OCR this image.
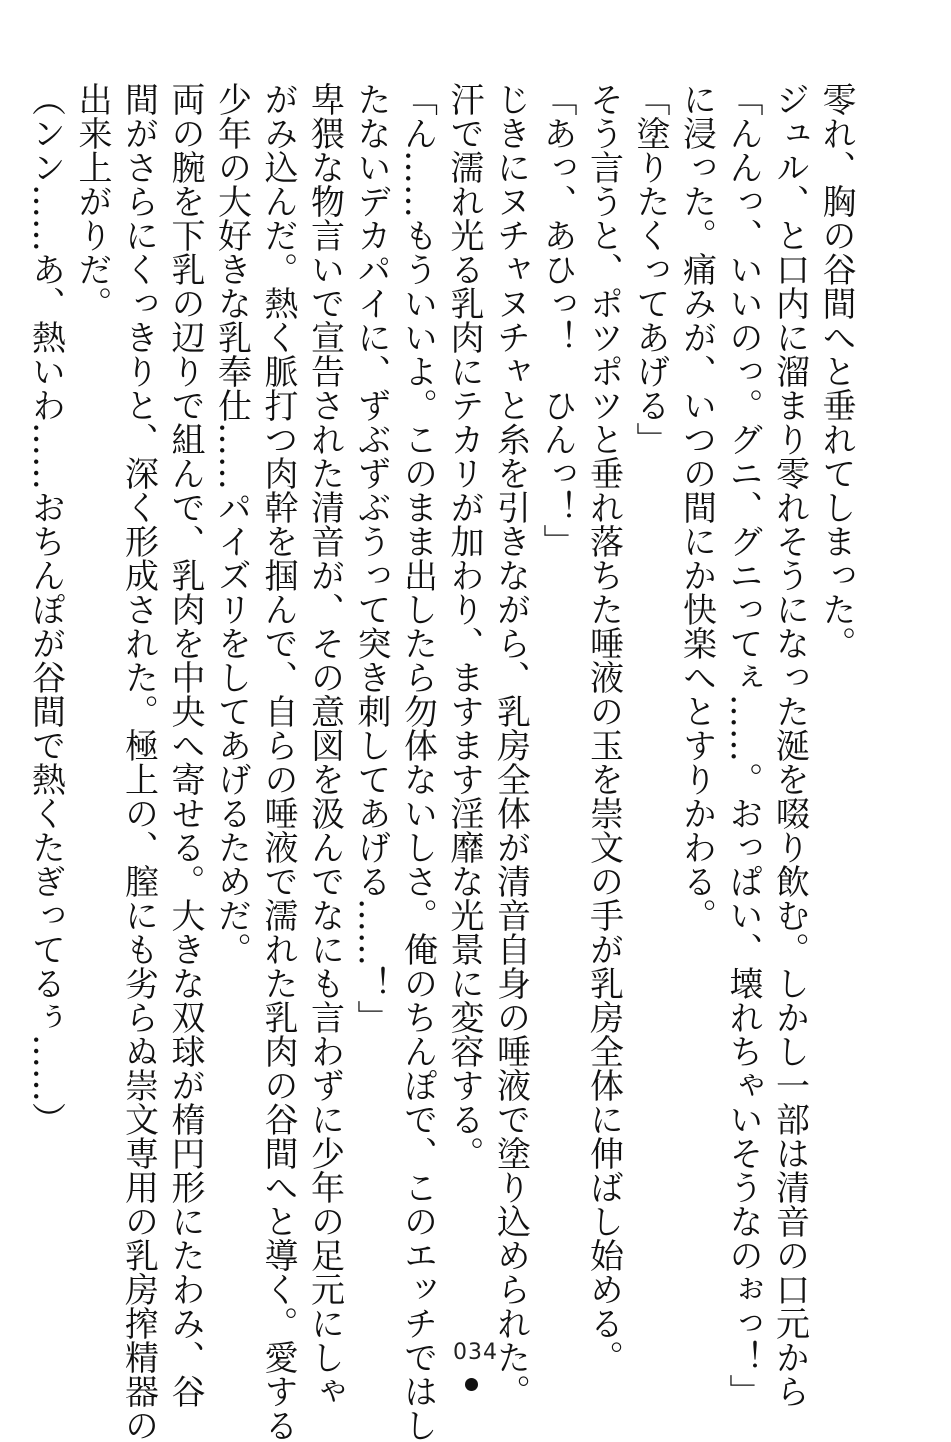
零れ、胸の谷間へと垂れてしまった。
ジュル、と口内に溜まり零れそうになった涎を啜り飲む。しかし一部は清音の口元から
「んんっ、いいのっ。グニ、グニってぇ……。おっぱい、壊れちゃいそうなのぉっ！」
に浸った。痛みが、いつの間にか快楽へとすりかわる。
「塗りたくってあげる」
そう言うと、ポツポツと垂れ落ちた唾液の玉を崇文の手が乳房全体に伸ばし始める。
「あっ、あひっ！　ひんっ！」
じきにヌチャヌチャと糸を引きながら、乳房全体が清音自身の唾液で塗り込められた。
汗で濡れ光る乳肉にテカリが加わり、ますます淫靡な光景に変容する。
「ん……もういいよ。このまま出したら勿体ないしさ。俺のちんぽで、このエッチではし
たないデカパイに、ずぶずぶうって突き刺してあげる……！」
卑猥な物言いで宣告された清音が、その意図を汲んでなにも言わずに少年の足元にしゃ
がみ込んだ。熱く脈打つ肉幹を掴んで、自らの唾液で濡れた乳肉の谷間へと導く。愛する
少年の大好きな乳奉仕……パイズリをしてあげるためだ。
両の腕を下乳の辺りで組んで、乳肉を中央へ寄せる。大きな双球が楕円形にたわみ、谷
間がさらにくっきりと、深く形成された。極上の、膣にも劣らぬ崇文専用の乳房搾精器の
出来上がりだ。
（ンン……あ、熱いわ……おちんぽが谷間で熱くたぎってるぅ……）
034
